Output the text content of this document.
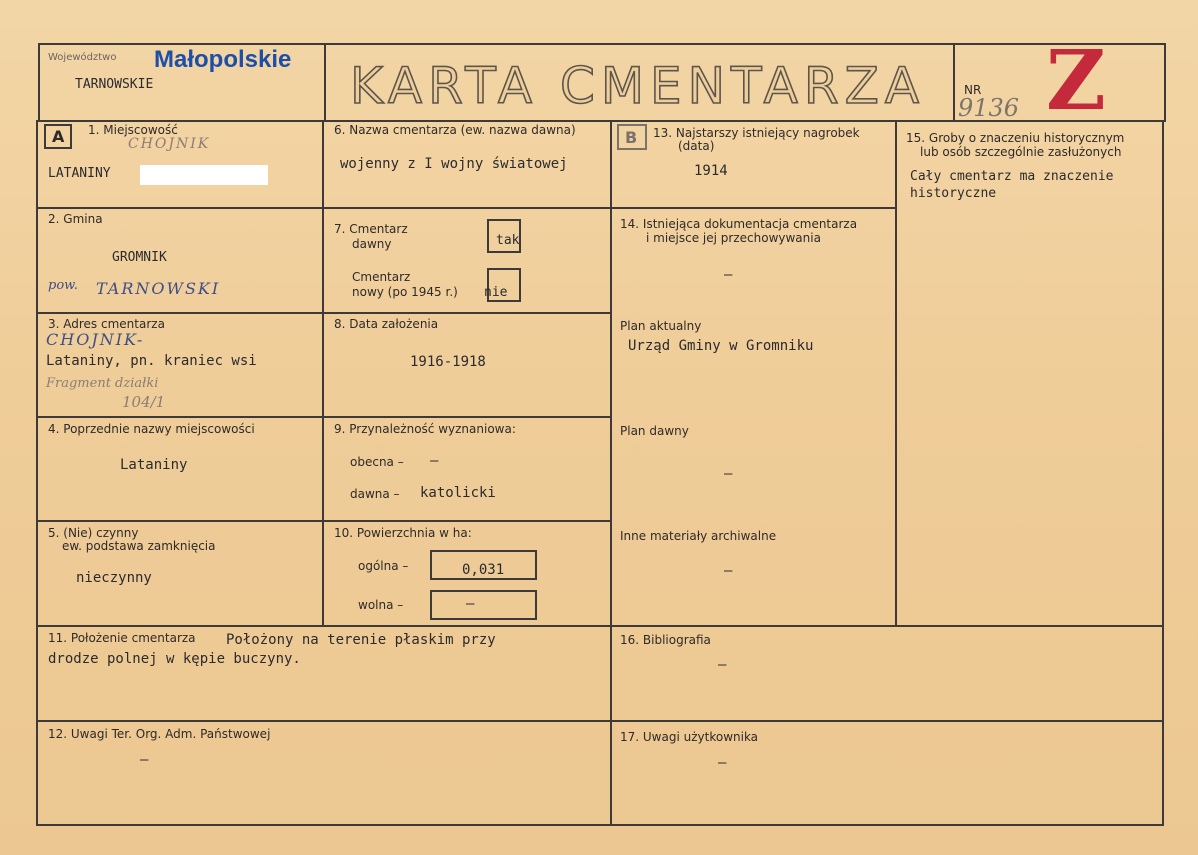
Województwo Małopolskie
TARNOWSKIE	KARTA CMENTARZA	NR
9136 Z
A 1. Miejscowość
CHOJNIK
LATANINY
2. Gmina
GROMNIK
pow. TARNOWSKI
3. Adres cmentarza
CHOJNIK-
Lataniny, pn. kraniec wsi
Fragment działki
104/1
4. Poprzednie nazwy miejscowości
Lataniny
5. (Nie) czynny
ew. podstawa zamknięcia
nieczynny
6. Nazwa cmentarza (ew. nazwa dawna)
wojenny z I wojny światowej
7. Cmentarz
dawny	tak
Cmentarz
nowy (po 1945 r.) nie
8. Data założenia
1916-1918
9. Przynależność wyznaniowa:
obecna – –
dawna – katolicki
10. Powierzchnia w ha:
ogólna –	0,031
wolna –	–
11. Położenie cmentarza Położony na terenie płaskim przy
drodze polnej w kępie buczyny.
12. Uwagi Ter. Org. Adm. Państwowej
–
B 13. Najstarszy istniejący nagrobek
(data)
1914
14. Istniejąca dokumentacja cmentarza
i miejsce jej przechowywania
–
Plan aktualny
Urząd Gminy w Gromniku
Plan dawny
–
Inne materiały archiwalne
–
15. Groby o znaczeniu historycznym
lub osób szczególnie zasłużonych
Cały cmentarz ma znaczenie
historyczne
16. Bibliografia
–
17. Uwagi użytkownika
–
